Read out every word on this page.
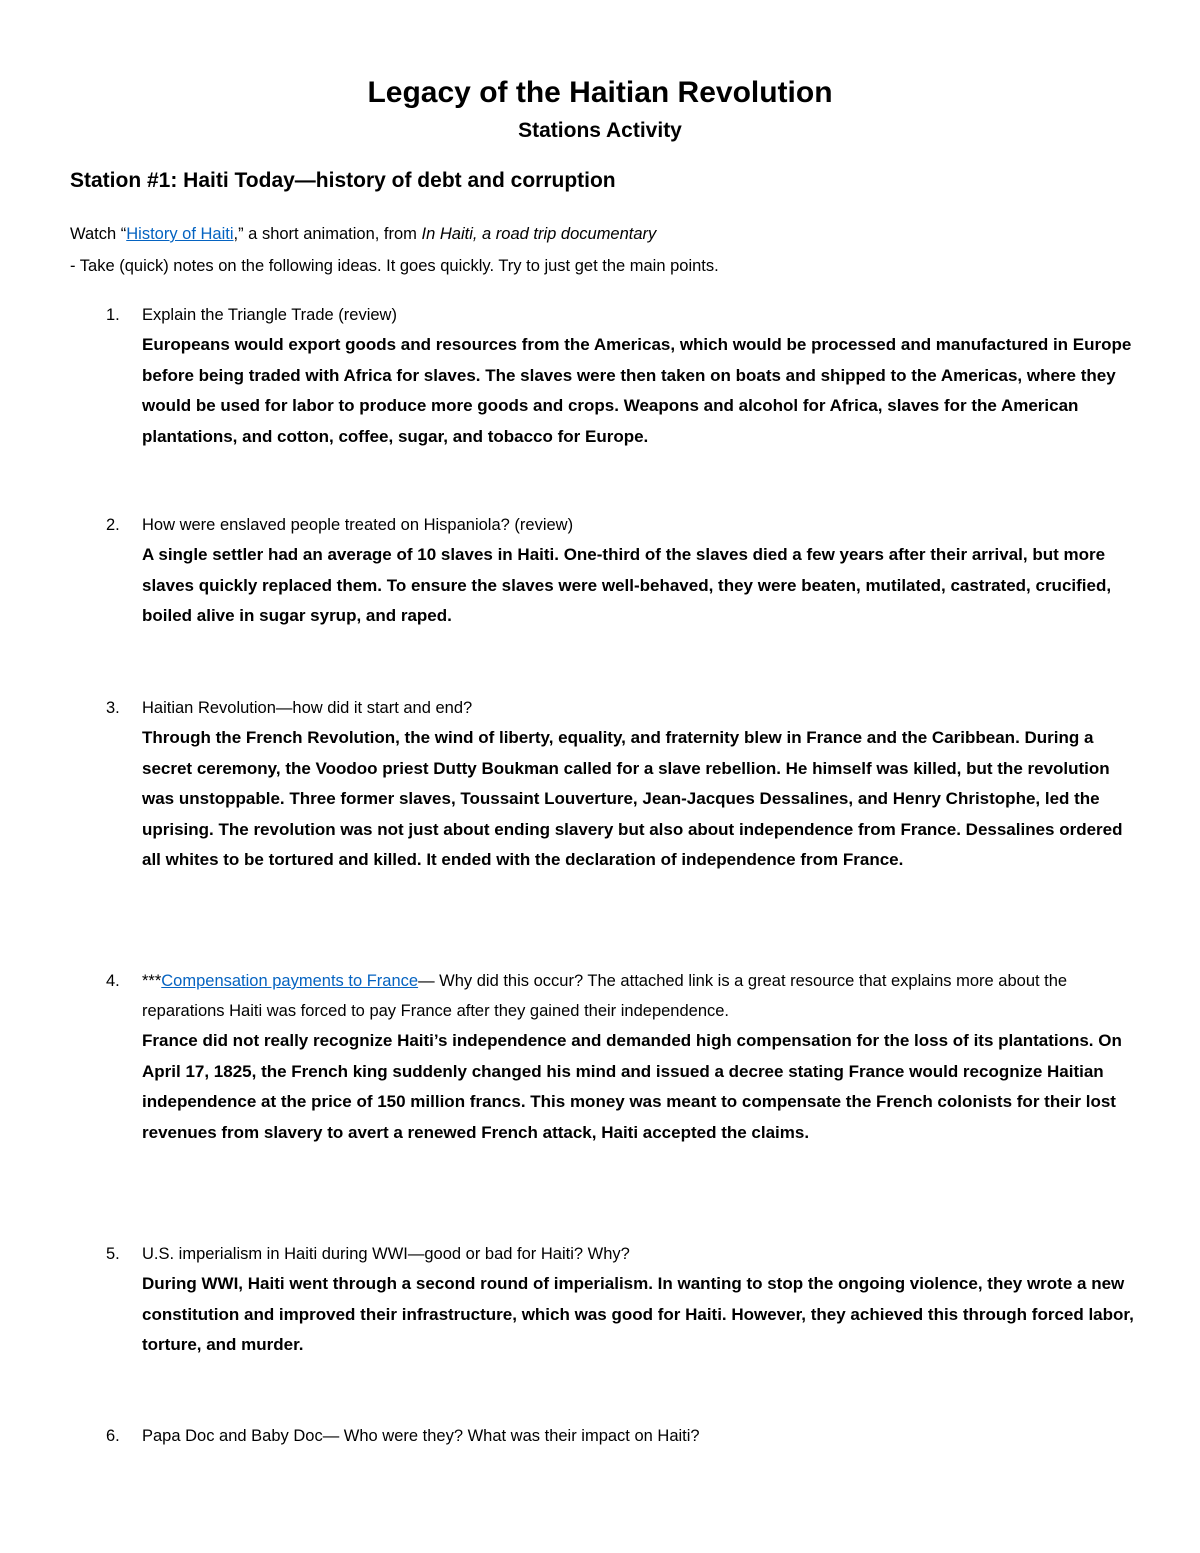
Legacy of the Haitian Revolution
Stations Activity
Station #1: Haiti Today—history of debt and corruption
Watch “History of Haiti,” a short animation, from In Haiti, a road trip documentary
- Take (quick) notes on the following ideas. It goes quickly. Try to just get the main points.
1. Explain the Triangle Trade (review)
Europeans would export goods and resources from the Americas, which would be processed and manufactured in Europe before being traded with Africa for slaves. The slaves were then taken on boats and shipped to the Americas, where they would be used for labor to produce more goods and crops. Weapons and alcohol for Africa, slaves for the American plantations, and cotton, coffee, sugar, and tobacco for Europe.
2. How were enslaved people treated on Hispaniola? (review)
A single settler had an average of 10 slaves in Haiti. One-third of the slaves died a few years after their arrival, but more slaves quickly replaced them. To ensure the slaves were well-behaved, they were beaten, mutilated, castrated, crucified, boiled alive in sugar syrup, and raped.
3. Haitian Revolution—how did it start and end?
Through the French Revolution, the wind of liberty, equality, and fraternity blew in France and the Caribbean. During a secret ceremony, the Voodoo priest Dutty Boukman called for a slave rebellion. He himself was killed, but the revolution was unstoppable. Three former slaves, Toussaint Louverture, Jean-Jacques Dessalines, and Henry Christophe, led the uprising. The revolution was not just about ending slavery but also about independence from France. Dessalines ordered all whites to be tortured and killed. It ended with the declaration of independence from France.
4. ***Compensation payments to France— Why did this occur? The attached link is a great resource that explains more about the reparations Haiti was forced to pay France after they gained their independence.
France did not really recognize Haiti’s independence and demanded high compensation for the loss of its plantations. On April 17, 1825, the French king suddenly changed his mind and issued a decree stating France would recognize Haitian independence at the price of 150 million francs. This money was meant to compensate the French colonists for their lost revenues from slavery to avert a renewed French attack, Haiti accepted the claims.
5. U.S. imperialism in Haiti during WWI—good or bad for Haiti? Why?
During WWI, Haiti went through a second round of imperialism. In wanting to stop the ongoing violence, they wrote a new constitution and improved their infrastructure, which was good for Haiti. However, they achieved this through forced labor, torture, and murder.
6. Papa Doc and Baby Doc— Who were they? What was their impact on Haiti?
